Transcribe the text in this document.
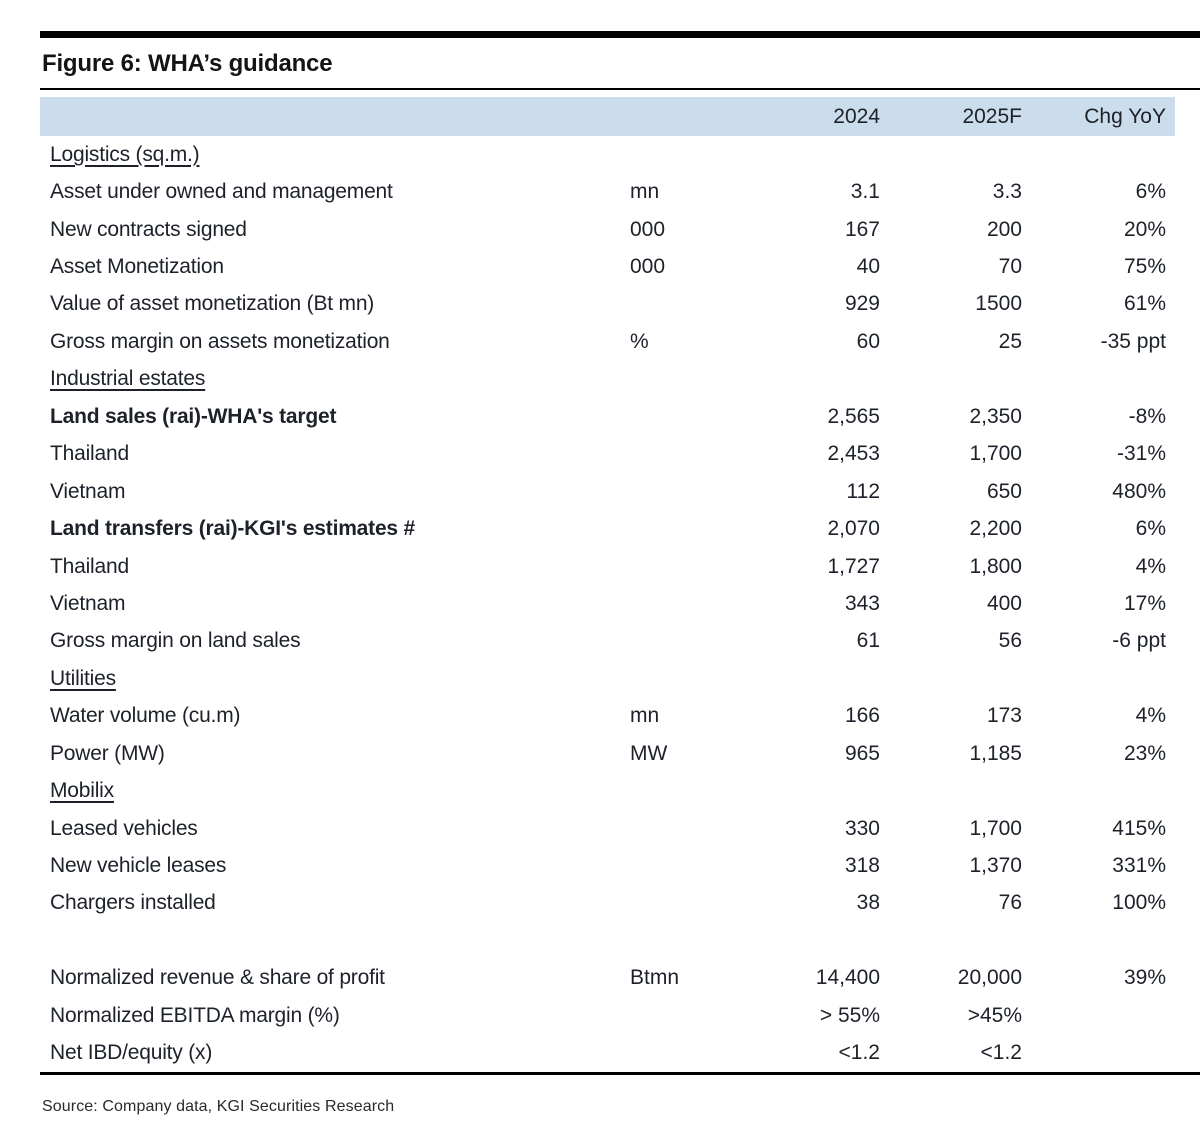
Figure 6: WHA’s guidance
2024	2025F	Chg YoY
Logistics (sq.m.)
Asset under owned and management	mn	3.1	3.3	6%
New contracts signed	000	167	200	20%
Asset Monetization	000	40	70	75%
Value of asset monetization (Bt mn)	929	1500	61%
Gross margin on assets monetization	%	60	25	-35 ppt
Industrial estates
Land sales (rai)-WHA's target	2,565	2,350	-8%
Thailand	2,453	1,700	-31%
Vietnam	112	650	480%
Land transfers (rai)-KGI's estimates #	2,070	2,200	6%
Thailand	1,727	1,800	4%
Vietnam	343	400	17%
Gross margin on land sales	61	56	-6 ppt
Utilities
Water volume (cu.m)	mn	166	173	4%
Power (MW)	MW	965	1,185	23%
Mobilix
Leased vehicles	330	1,700	415%
New vehicle leases	318	1,370	331%
Chargers installed	38	76	100%
Normalized revenue & share of profit	Btmn	14,400	20,000	39%
Normalized EBITDA margin (%)	> 55%	>45%
Net IBD/equity (x)	<1.2	<1.2
Source: Company data, KGI Securities Research
